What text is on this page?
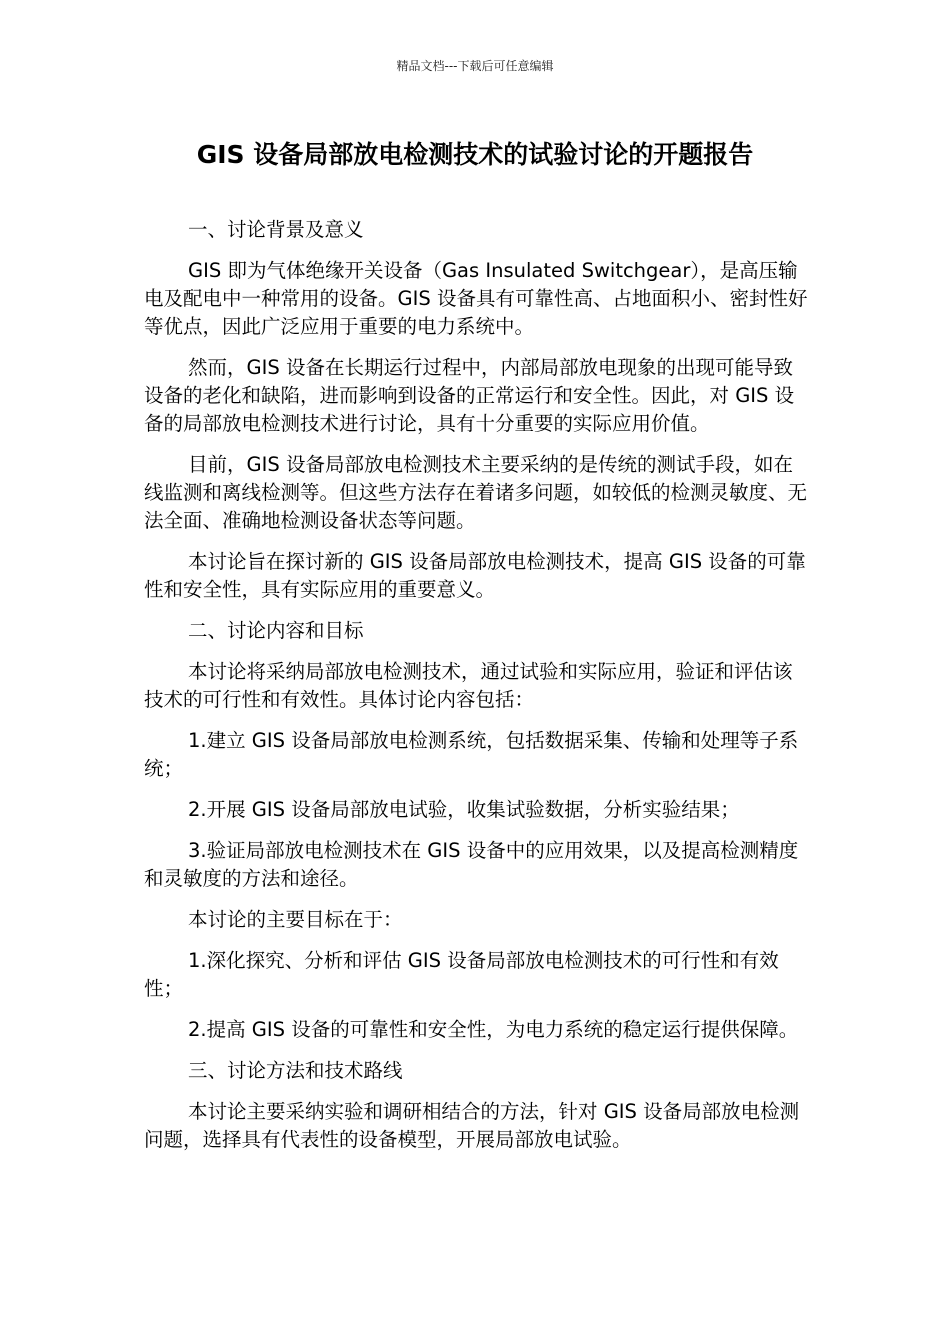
精品文档---下载后可任意编辑
GIS 设备局部放电检测技术的试验讨论的开题报告

一、讨论背景及意义

GIS 即为气体绝缘开关设备（Gas Insulated Switchgear），是高压输电及配电中一种常用的设备。GIS 设备具有可靠性高、占地面积小、密封性好等优点，因此广泛应用于重要的电力系统中。

然而，GIS 设备在长期运行过程中，内部局部放电现象的出现可能导致设备的老化和缺陷，进而影响到设备的正常运行和安全性。因此，对 GIS 设备的局部放电检测技术进行讨论，具有十分重要的实际应用价值。

目前，GIS 设备局部放电检测技术主要采纳的是传统的测试手段，如在线监测和离线检测等。但这些方法存在着诸多问题，如较低的检测灵敏度、无法全面、准确地检测设备状态等问题。

本讨论旨在探讨新的 GIS 设备局部放电检测技术，提高 GIS 设备的可靠性和安全性，具有实际应用的重要意义。

二、讨论内容和目标

本讨论将采纳局部放电检测技术，通过试验和实际应用，验证和评估该技术的可行性和有效性。具体讨论内容包括：

1.建立 GIS 设备局部放电检测系统，包括数据采集、传输和处理等子系统；

2.开展 GIS 设备局部放电试验，收集试验数据，分析实验结果；

3.验证局部放电检测技术在 GIS 设备中的应用效果，以及提高检测精度和灵敏度的方法和途径。

本讨论的主要目标在于：

1.深化探究、分析和评估 GIS 设备局部放电检测技术的可行性和有效性；

2.提高 GIS 设备的可靠性和安全性，为电力系统的稳定运行提供保障。

三、讨论方法和技术路线

本讨论主要采纳实验和调研相结合的方法，针对 GIS 设备局部放电检测问题，选择具有代表性的设备模型，开展局部放电试验。
